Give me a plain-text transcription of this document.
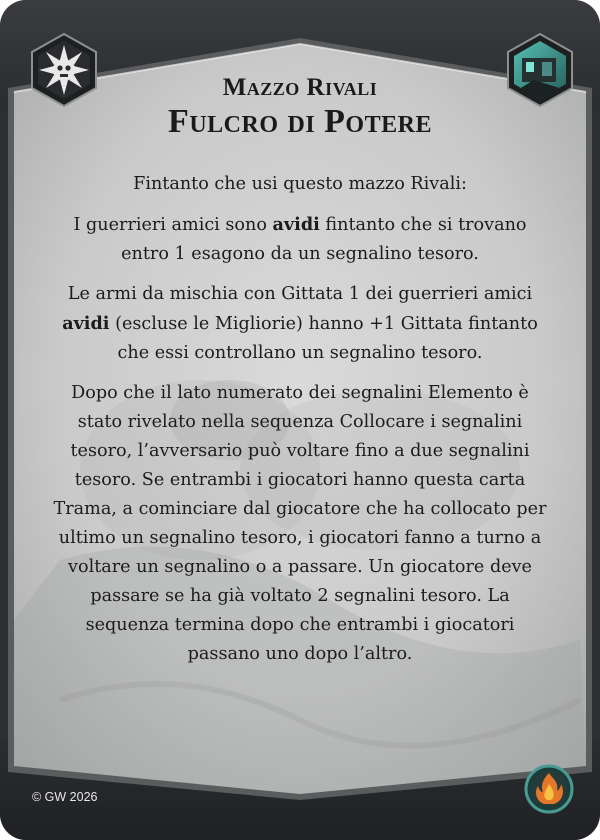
Mazzo Rivali
Fulcro di Potere

Fintanto che usi questo mazzo Rivali:

I guerrieri amici sono avidi fintanto che si trovano entro 1 esagono da un segnalino tesoro.

Le armi da mischia con Gittata 1 dei guerrieri amici avidi (escluse le Migliorie) hanno +1 Gittata fintanto che essi controllano un segnalino tesoro.

Dopo che il lato numerato dei segnalini Elemento è stato rivelato nella sequenza Collocare i segnalini tesoro, l’avversario può voltare fino a due segnalini tesoro. Se entrambi i giocatori hanno questa carta Trama, a cominciare dal giocatore che ha collocato per ultimo un segnalino tesoro, i giocatori fanno a turno a voltare un segnalino o a passare. Un giocatore deve passare se ha già voltato 2 segnalini tesoro. La sequenza termina dopo che entrambi i giocatori passano uno dopo l’altro.

© GW 2026
